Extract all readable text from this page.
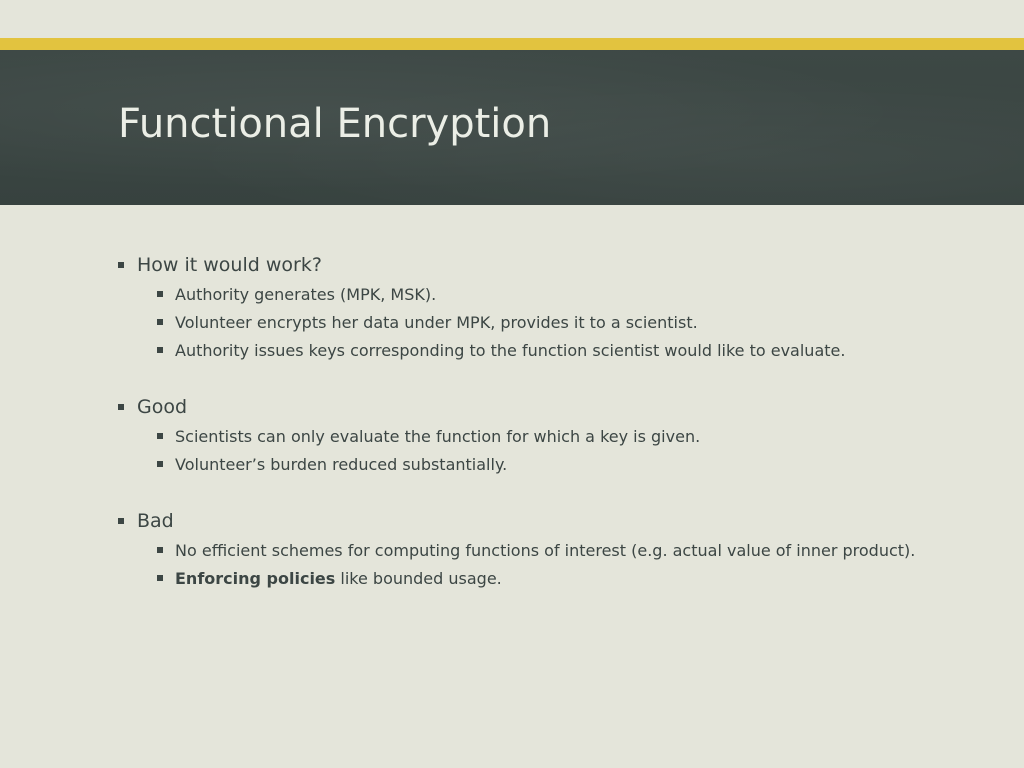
Functional Encryption
How it would work?
Authority generates (MPK, MSK).
Volunteer encrypts her data under MPK, provides it to a scientist.
Authority issues keys corresponding to the function scientist would like to evaluate.
Good
Scientists can only evaluate the function for which a key is given.
Volunteer’s burden reduced substantially.
Bad
No efficient schemes for computing functions of interest (e.g. actual value of inner product).
Enforcing policies like bounded usage.
